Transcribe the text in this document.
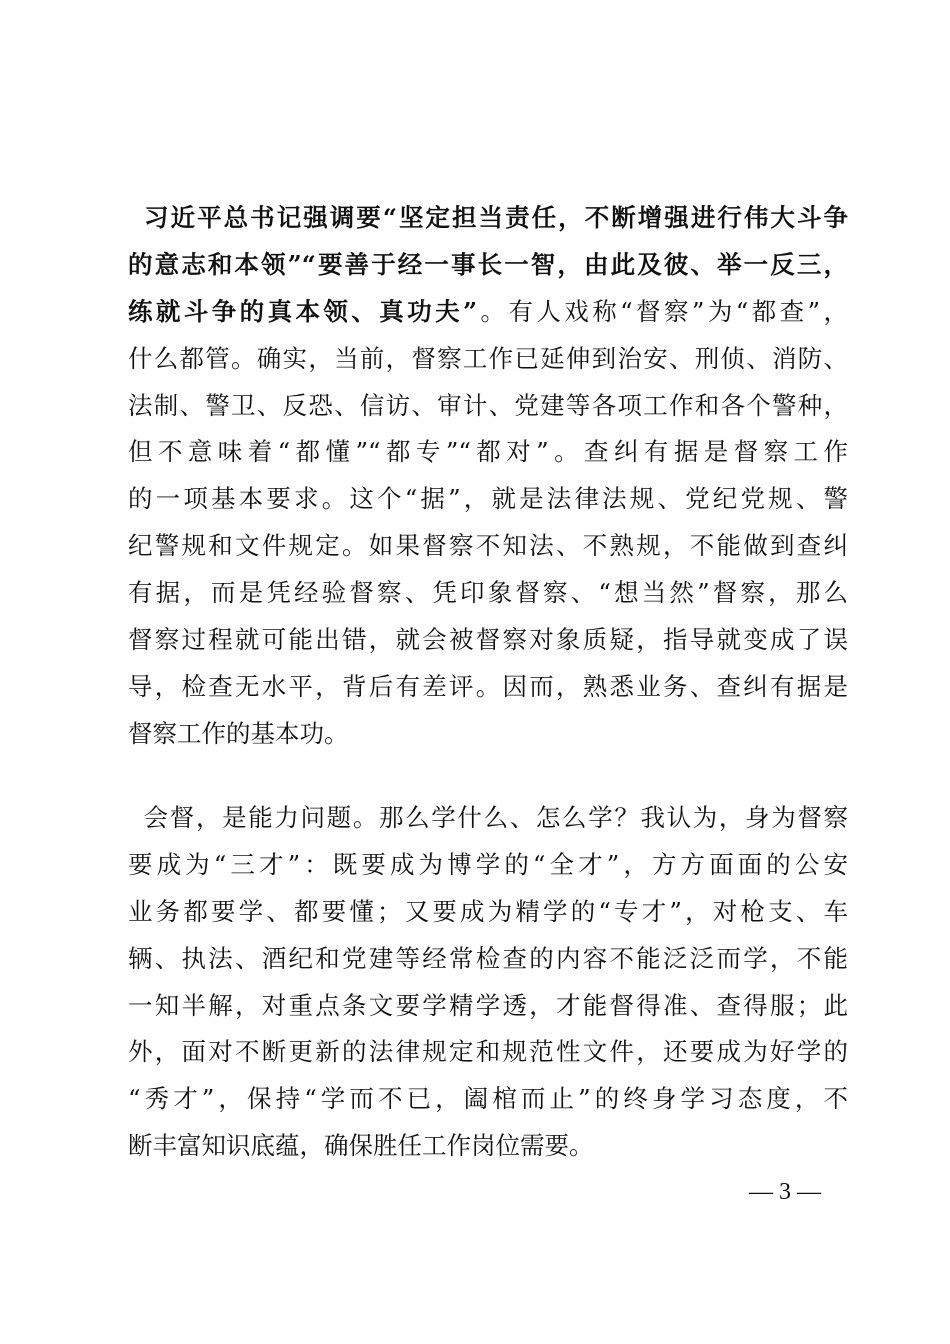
习近平总书记强调要“坚定担当责任，不断增强进行伟大斗争
的意志和本领”“要善于经一事长一智，由此及彼、举一反三，
练就斗争的真本领、真功夫”。有人戏称“督察”为“都查”，
什么都管。确实，当前，督察工作已延伸到治安、刑侦、消防、
法制、警卫、反恐、信访、审计、党建等各项工作和各个警种，
但不意味着“都懂”“都专”“都对”。查纠有据是督察工作
的一项基本要求。这个“据”，就是法律法规、党纪党规、警
纪警规和文件规定。如果督察不知法、不熟规，不能做到查纠
有据，而是凭经验督察、凭印象督察、“想当然”督察，那么
督察过程就可能出错，就会被督察对象质疑，指导就变成了误
导，检查无水平，背后有差评。因而，熟悉业务、查纠有据是
督察工作的基本功。
会督，是能力问题。那么学什么、怎么学？我认为，身为督察
要成为“三才”：既要成为博学的“全才”，方方面面的公安
业务都要学、都要懂；又要成为精学的“专才”，对枪支、车
辆、执法、酒纪和党建等经常检查的内容不能泛泛而学，不能
一知半解，对重点条文要学精学透，才能督得准、查得服；此
外，面对不断更新的法律规定和规范性文件，还要成为好学的
“秀才”，保持“学而不已，阖棺而止”的终身学习态度，不
断丰富知识底蕴，确保胜任工作岗位需要。
— 3 —
